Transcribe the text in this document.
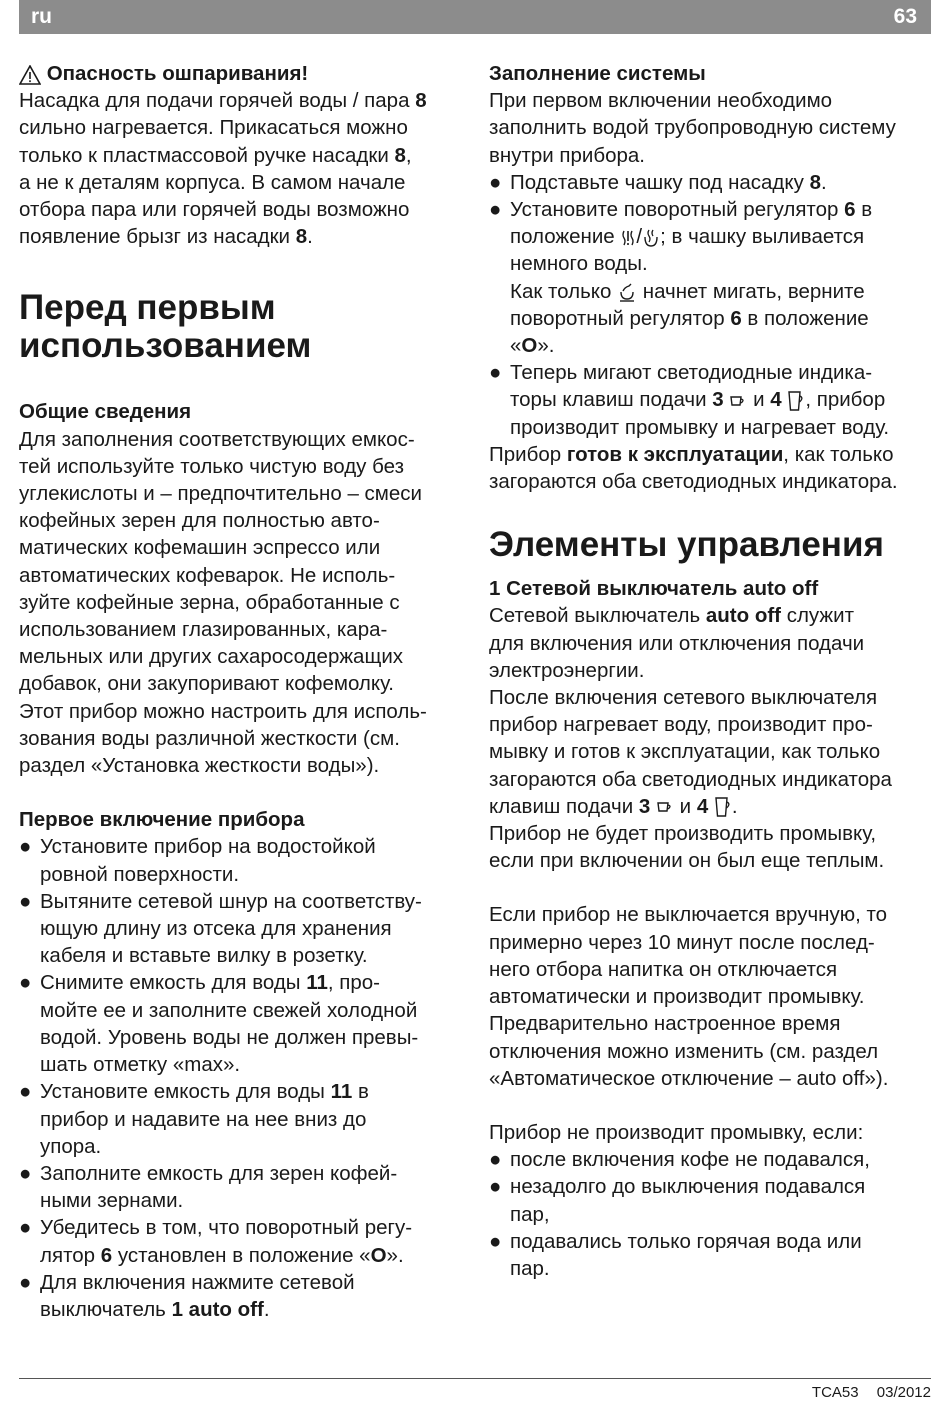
ru	63
Опасность ошпаривания!
Насадка для подачи горячей воды / пара 8
сильно нагревается. Прикасаться можно
только к пластмассовой ручке насадки 8,
а не к деталям корпуса. В самом начале
отбора пара или горячей воды возможно
появление брызг из насадки 8.
Перед первым
использованием
Общие сведения
Для заполнения соответствующих емкос-
тей используйте только чистую воду без
углекислоты и – предпочтительно – смеси
кофейных зерен для полностью авто-
матических кофемашин эспрессо или
автоматических кофеварок. Не исполь-
зуйте кофейные зерна, обработанные с
использованием глазированных, кара-
мельных или других сахаросодержащих
добавок, они закупоривают кофемолку.
Этот прибор можно настроить для исполь-
зования воды различной жесткости (см.
раздел «Установка жесткости воды»).
Первое включение прибора
● Установите прибор на водостойкой
ровной поверхности.
● Вытяните сетевой шнур на соответству-
ющую длину из отсека для хранения
кабеля и вставьте вилку в розетку.
● Снимите емкость для воды 11, про-
мойте ее и заполните свежей холодной
водой. Уровень воды не должен превы-
шать отметку «max».
● Установите емкость для воды 11 в
прибор и надавите на нее вниз до
упора.
● Заполните емкость для зерен кофей-
ными зернами.
● Убедитесь в том, что поворотный регу-
лятор 6 установлен в положение «O».
● Для включения нажмите сетевой
выключатель 1 auto off.
Заполнение системы
При первом включении необходимо
заполнить водой трубопроводную систему
внутри прибора.
● Подставьте чашку под насадку 8.
● Установите поворотный регулятор 6 в
положение / ; в чашку выливается
немного воды.
Как только начнет мигать, верните
поворотный регулятор 6 в положение
«O».
● Теперь мигают светодиодные индика-
торы клавиш подачи 3 и 4 , прибор
производит промывку и нагревает воду.
Прибор готов к эксплуатации, как только
загораются оба светодиодных индикатора.
Элементы управления
1 Сетевой выключатель auto off
Сетевой выключатель auto off служит
для включения или отключения подачи
электроэнергии.
После включения сетевого выключателя
прибор нагревает воду, производит про-
мывку и готов к эксплуатации, как только
загораются оба светодиодных индикатора
клавиш подачи 3 и 4 .
Прибор не будет производить промывку,
если при включении он был еще теплым.
Если прибор не выключается вручную, то
примерно через 10 минут после послед-
него отбора напитка он отключается
автоматически и производит промывку.
Предварительно настроенное время
отключения можно изменить (см. раздел
«Автоматическое отключение – auto off»).
Прибор не производит промывку, если:
● после включения кофе не подавался,
● незадолго до выключения подавался
пар,
● подавались только горячая вода или
пар.
TCA53 03/2012
